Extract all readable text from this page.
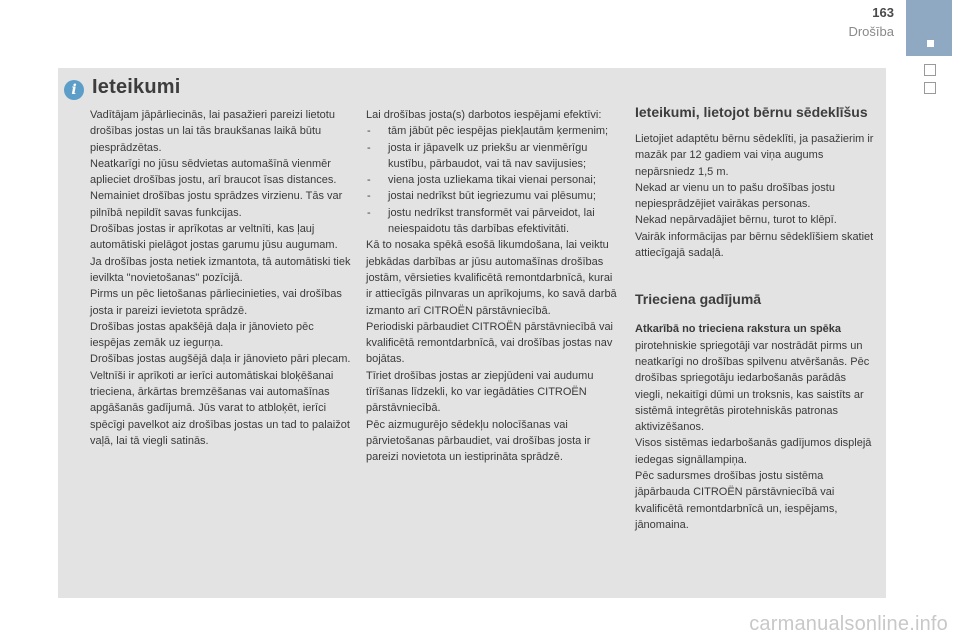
163
Drošība
i Ieteikumi

Vadītājam jāpārliecinās, lai pasažieri pareizi lietotu drošības jostas un lai tās braukšanas laikā būtu piesprādzētas.

Neatkarīgi no jūsu sēdvietas automašīnā vienmēr aplieciet drošības jostu, arī braucot īsas distances.

Nemainiet drošības jostu sprādzes virzienu. Tās var pilnībā nepildīt savas funkcijas.

Drošības jostas ir aprīkotas ar veltnīti, kas ļauj automātiski pielāgot jostas garumu jūsu augumam. Ja drošības josta netiek izmantota, tā automātiski tiek ievilkta "novietošanas" pozīcijā.

Pirms un pēc lietošanas pārliecinieties, vai drošības josta ir pareizi ievietota sprādzē.

Drošības jostas apakšējā daļa ir jānovieto pēc iespējas zemāk uz iegurņa.

Drošības jostas augšējā daļa ir jānovieto pāri plecam.

Veltnīši ir aprīkoti ar ierīci automātiskai bloķēšanai trieciena, ārkārtas bremzēšanas vai automašīnas apgāšanās gadījumā. Jūs varat to atbloķēt, ierīci spēcīgi pavelkot aiz drošības jostas un tad to palaižot vaļā, lai tā viegli satinās.

Lai drošības josta(s) darbotos iespējami efektīvi:

- tām jābūt pēc iespējas piekļautām ķermenim;
- josta ir jāpavelk uz priekšu ar vienmērīgu kustību, pārbaudot, vai tā nav savijusies;
- viena josta uzliekama tikai vienai personai;
- jostai nedrīkst būt iegriezumu vai plēsumu;
- jostu nedrīkst transformēt vai pārveidot, lai neiespaidotu tās darbības efektivitāti.

Kā to nosaka spēkā esošā likumdošana, lai veiktu jebkādas darbības ar jūsu automašīnas drošības jostām, vērsieties kvalificētā remontdarbnīcā, kurai ir attiecīgās pilnvaras un aprīkojums, ko savā darbā izmanto arī CITROËN pārstāvniecībā.

Periodiski pārbaudiet CITROËN pārstāvniecībā vai kvalificētā remontdarbnīcā, vai drošības jostas nav bojātas.

Tīriet drošības jostas ar ziepjūdeni vai audumu tīrīšanas līdzekli, ko var iegādāties CITROËN pārstāvniecībā.

Pēc aizmugurējo sēdekļu nolocīšanas vai pārvietošanas pārbaudiet, vai drošības josta ir pareizi novietota un iestiprināta sprādzē.

Ieteikumi, lietojot bērnu sēdeklīšus

Lietojiet adaptētu bērnu sēdeklīti, ja pasažierim ir mazāk par 12 gadiem vai viņa augums nepārsniedz 1,5 m.

Nekad ar vienu un to pašu drošības jostu nepiesprādzējiet vairākas personas.

Nekad nepārvadājiet bērnu, turot to klēpī.

Vairāk informācijas par bērnu sēdeklīšiem skatiet attiecīgajā sadaļā.

Trieciena gadījumā

Atkarībā no trieciena rakstura un spēka pirotehniskie spriegotāji var nostrādāt pirms un neatkarīgi no drošības spilvenu atvēršanās. Pēc drošības spriegotāju iedarbošanās parādās viegli, nekaitīgi dūmi un troksnis, kas saistīts ar sistēmā integrētās pirotehniskās patronas aktivizēšanos.

Visos sistēmas iedarbošanās gadījumos displejā iedegas signāllampiņa.

Pēc sadursmes drošības jostu sistēma jāpārbauda CITROËN pārstāvniecībā vai kvalificētā remontdarbnīcā un, iespējams, jānomaina.

carmanualsonline.info
